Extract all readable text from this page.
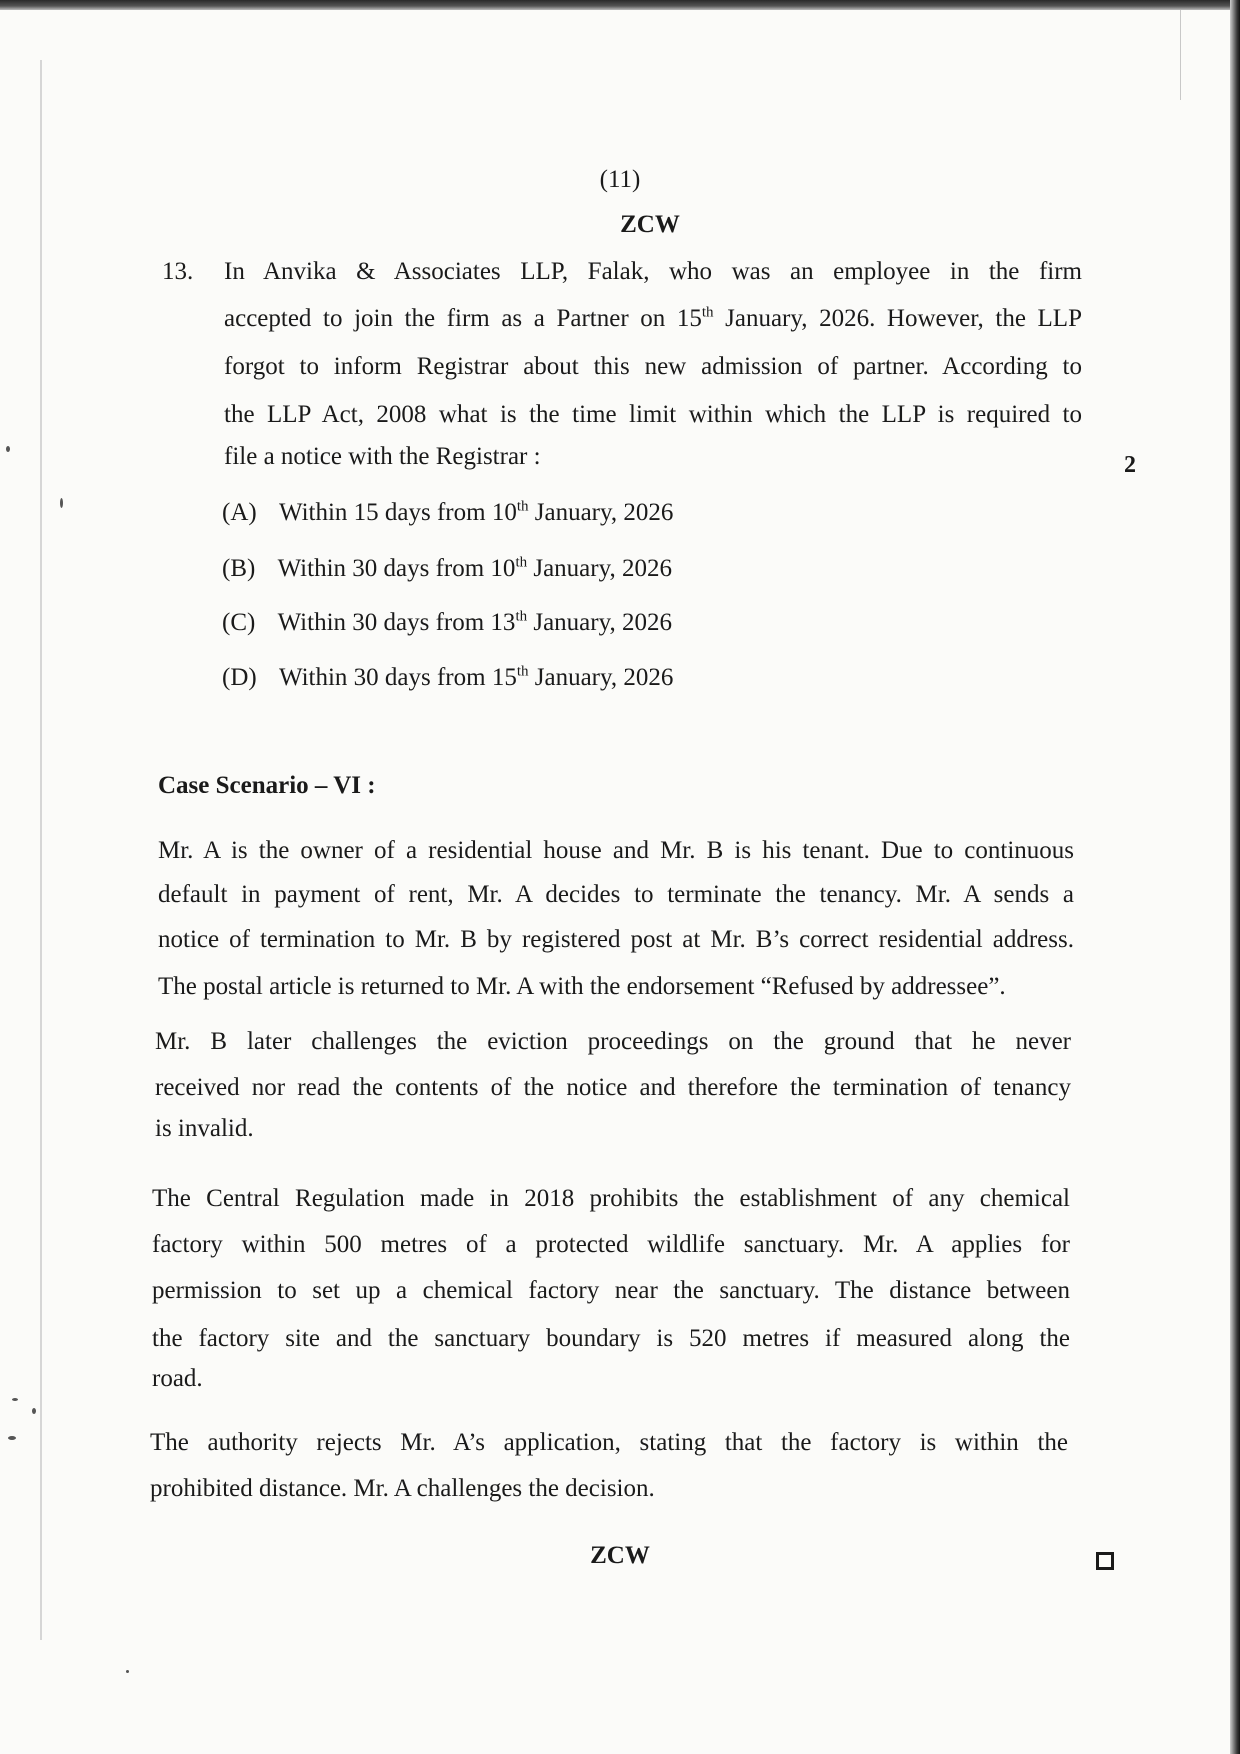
(11)
ZCW
13. In Anvika & Associates LLP, Falak, who was an employee in the firm
accepted to join the firm as a Partner on 15th January, 2026. However, the LLP
forgot to inform Registrar about this new admission of partner. According to
the LLP Act, 2008 what is the time limit within which the LLP is required to
file a notice with the Registrar :	2
(A) Within 15 days from 10th January, 2026
(B) Within 30 days from 10th January, 2026
(C) Within 30 days from 13th January, 2026
(D) Within 30 days from 15th January, 2026
Case Scenario – VI :
Mr. A is the owner of a residential house and Mr. B is his tenant. Due to continuous
default in payment of rent, Mr. A decides to terminate the tenancy. Mr. A sends a
notice of termination to Mr. B by registered post at Mr. B’s correct residential address.
The postal article is returned to Mr. A with the endorsement “Refused by addressee”.
Mr. B later challenges the eviction proceedings on the ground that he never
received nor read the contents of the notice and therefore the termination of tenancy
is invalid.
The Central Regulation made in 2018 prohibits the establishment of any chemical
factory within 500 metres of a protected wildlife sanctuary. Mr. A applies for
permission to set up a chemical factory near the sanctuary. The distance between
the factory site and the sanctuary boundary is 520 metres if measured along the
road.
The authority rejects Mr. A’s application, stating that the factory is within the
prohibited distance. Mr. A challenges the decision.
ZCW
